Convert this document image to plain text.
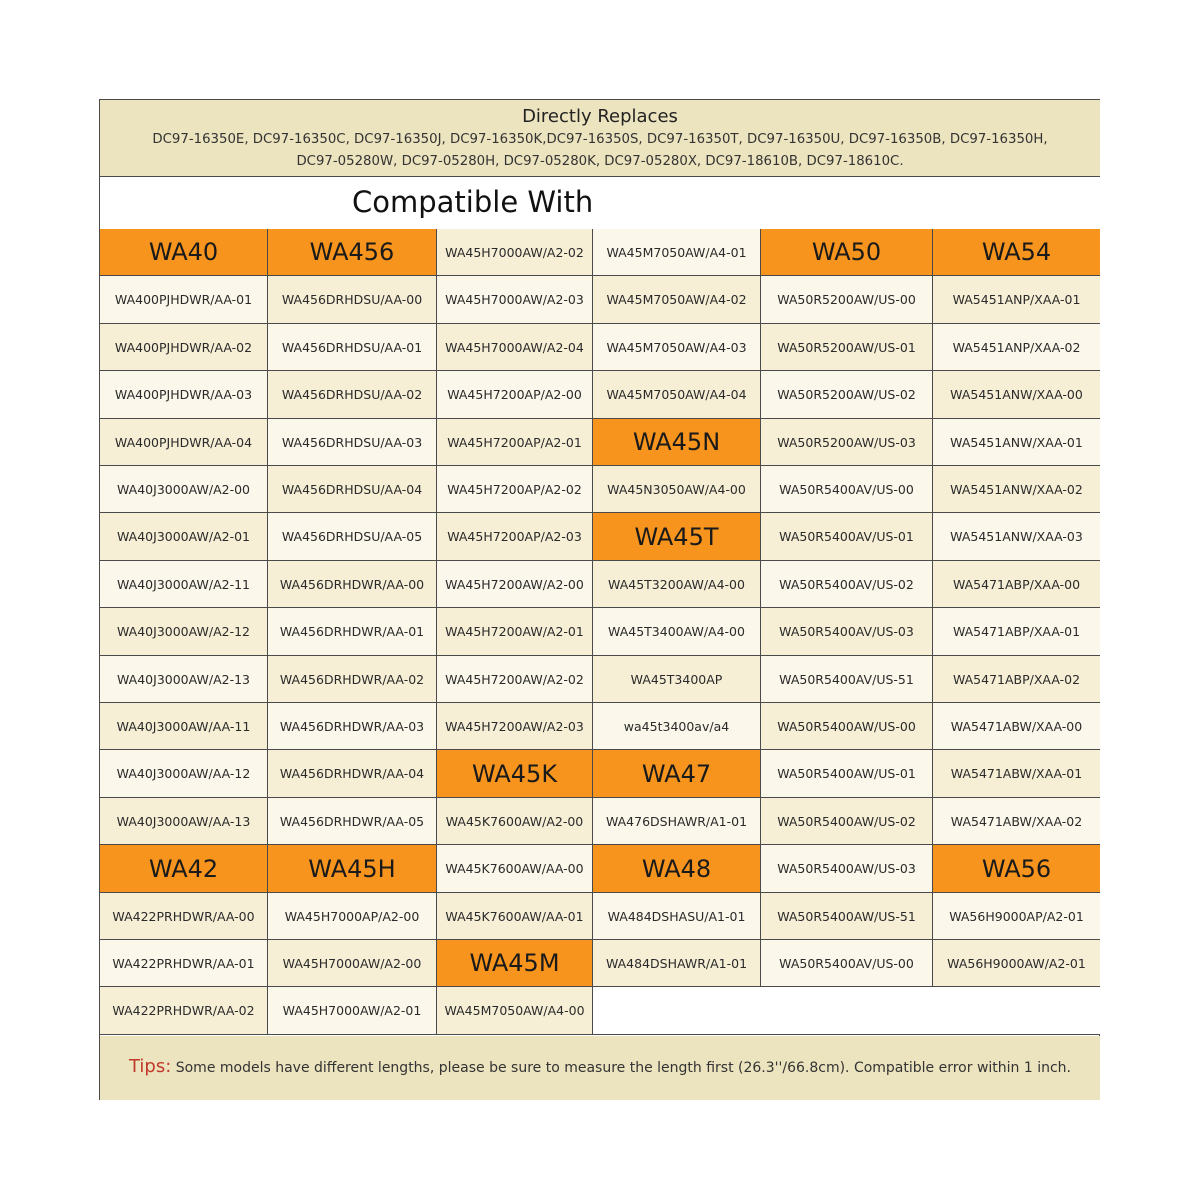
Directly Replaces
DC97-16350E, DC97-16350C, DC97-16350J, DC97-16350K,DC97-16350S, DC97-16350T, DC97-16350U, DC97-16350B, DC97-16350H,
DC97-05280W, DC97-05280H, DC97-05280K, DC97-05280X, DC97-18610B, DC97-18610C.
Compatible With
WA40	WA456	WA45H7000AW/A2-02	WA45M7050AW/A4-01	WA50	WA54
WA400PJHDWR/AA-01	WA456DRHDSU/AA-00	WA45H7000AW/A2-03	WA45M7050AW/A4-02	WA50R5200AW/US-00	WA5451ANP/XAA-01
WA400PJHDWR/AA-02	WA456DRHDSU/AA-01	WA45H7000AW/A2-04	WA45M7050AW/A4-03	WA50R5200AW/US-01	WA5451ANP/XAA-02
WA400PJHDWR/AA-03	WA456DRHDSU/AA-02	WA45H7200AP/A2-00	WA45M7050AW/A4-04	WA50R5200AW/US-02	WA5451ANW/XAA-00
WA400PJHDWR/AA-04	WA456DRHDSU/AA-03	WA45H7200AP/A2-01	WA45N	WA50R5200AW/US-03	WA5451ANW/XAA-01
WA40J3000AW/A2-00	WA456DRHDSU/AA-04	WA45H7200AP/A2-02	WA45N3050AW/A4-00	WA50R5400AV/US-00	WA5451ANW/XAA-02
WA40J3000AW/A2-01	WA456DRHDSU/AA-05	WA45H7200AP/A2-03	WA45T	WA50R5400AV/US-01	WA5451ANW/XAA-03
WA40J3000AW/A2-11	WA456DRHDWR/AA-00	WA45H7200AW/A2-00	WA45T3200AW/A4-00	WA50R5400AV/US-02	WA5471ABP/XAA-00
WA40J3000AW/A2-12	WA456DRHDWR/AA-01	WA45H7200AW/A2-01	WA45T3400AW/A4-00	WA50R5400AV/US-03	WA5471ABP/XAA-01
WA40J3000AW/A2-13	WA456DRHDWR/AA-02	WA45H7200AW/A2-02	WA45T3400AP	WA50R5400AV/US-51	WA5471ABP/XAA-02
WA40J3000AW/AA-11	WA456DRHDWR/AA-03	WA45H7200AW/A2-03	wa45t3400av/a4	WA50R5400AW/US-00	WA5471ABW/XAA-00
WA40J3000AW/AA-12	WA456DRHDWR/AA-04	WA45K	WA47	WA50R5400AW/US-01	WA5471ABW/XAA-01
WA40J3000AW/AA-13	WA456DRHDWR/AA-05	WA45K7600AW/A2-00	WA476DSHAWR/A1-01	WA50R5400AW/US-02	WA5471ABW/XAA-02
WA42	WA45H	WA45K7600AW/AA-00	WA48	WA50R5400AW/US-03	WA56
WA422PRHDWR/AA-00	WA45H7000AP/A2-00	WA45K7600AW/AA-01	WA484DSHASU/A1-01	WA50R5400AW/US-51	WA56H9000AP/A2-01
WA422PRHDWR/AA-01	WA45H7000AW/A2-00	WA45M	WA484DSHAWR/A1-01	WA50R5400AV/US-00	WA56H9000AW/A2-01
WA422PRHDWR/AA-02	WA45H7000AW/A2-01	WA45M7050AW/A4-00
Tips: Some models have different lengths, please be sure to measure the length first (26.3''/66.8cm). Compatible error within 1 inch.
